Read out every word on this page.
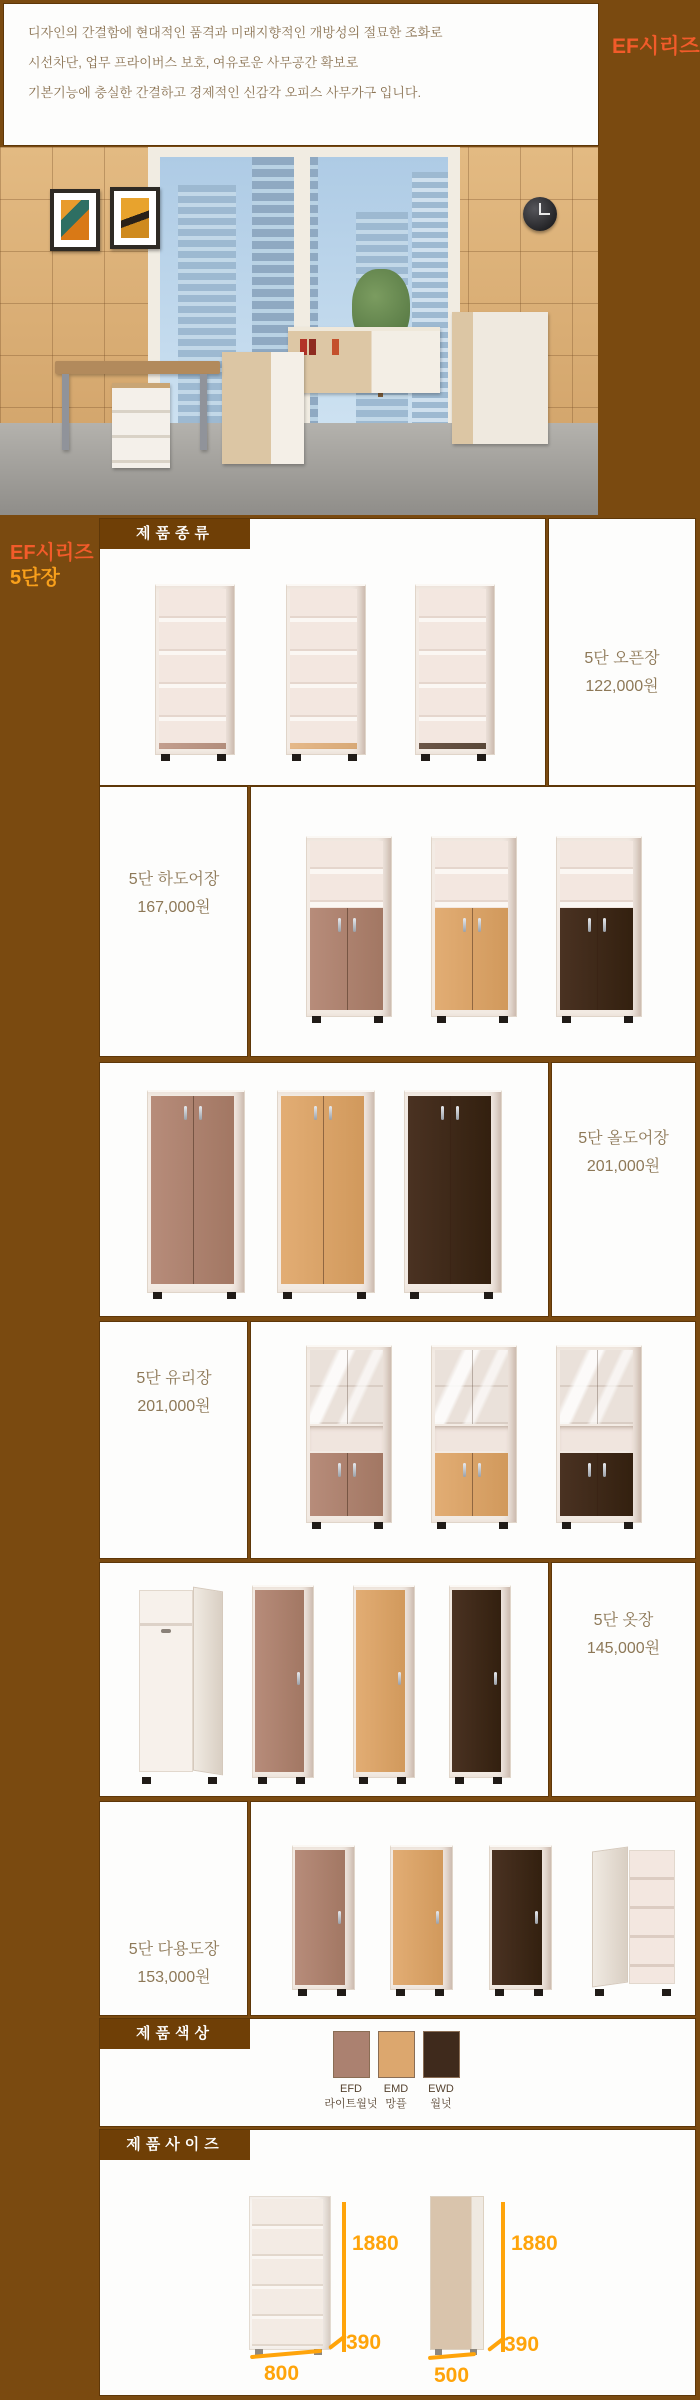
디자인의 간결함에 현대적인 품격과 미래지향적인 개방성의 절묘한 조화로
시선차단, 업무 프라이버스 보호, 여유로운 사무공간 확보로
기본기능에 충실한 간결하고 경제적인 신감각 오피스 사무가구 입니다.
EF시리즈
EF시리즈
5단장
제품종류
5단 오픈장
122,000원
5단 하도어장
167,000원
5단 올도어장
201,000원
5단 유리장
201,000원
5단 옷장
145,000원
5단 다용도장
153,000원
제품색상
EFD
라이트월넛
EMD
망플
EWD
월넛
제품사이즈
1880
800
390
1880
500
390
